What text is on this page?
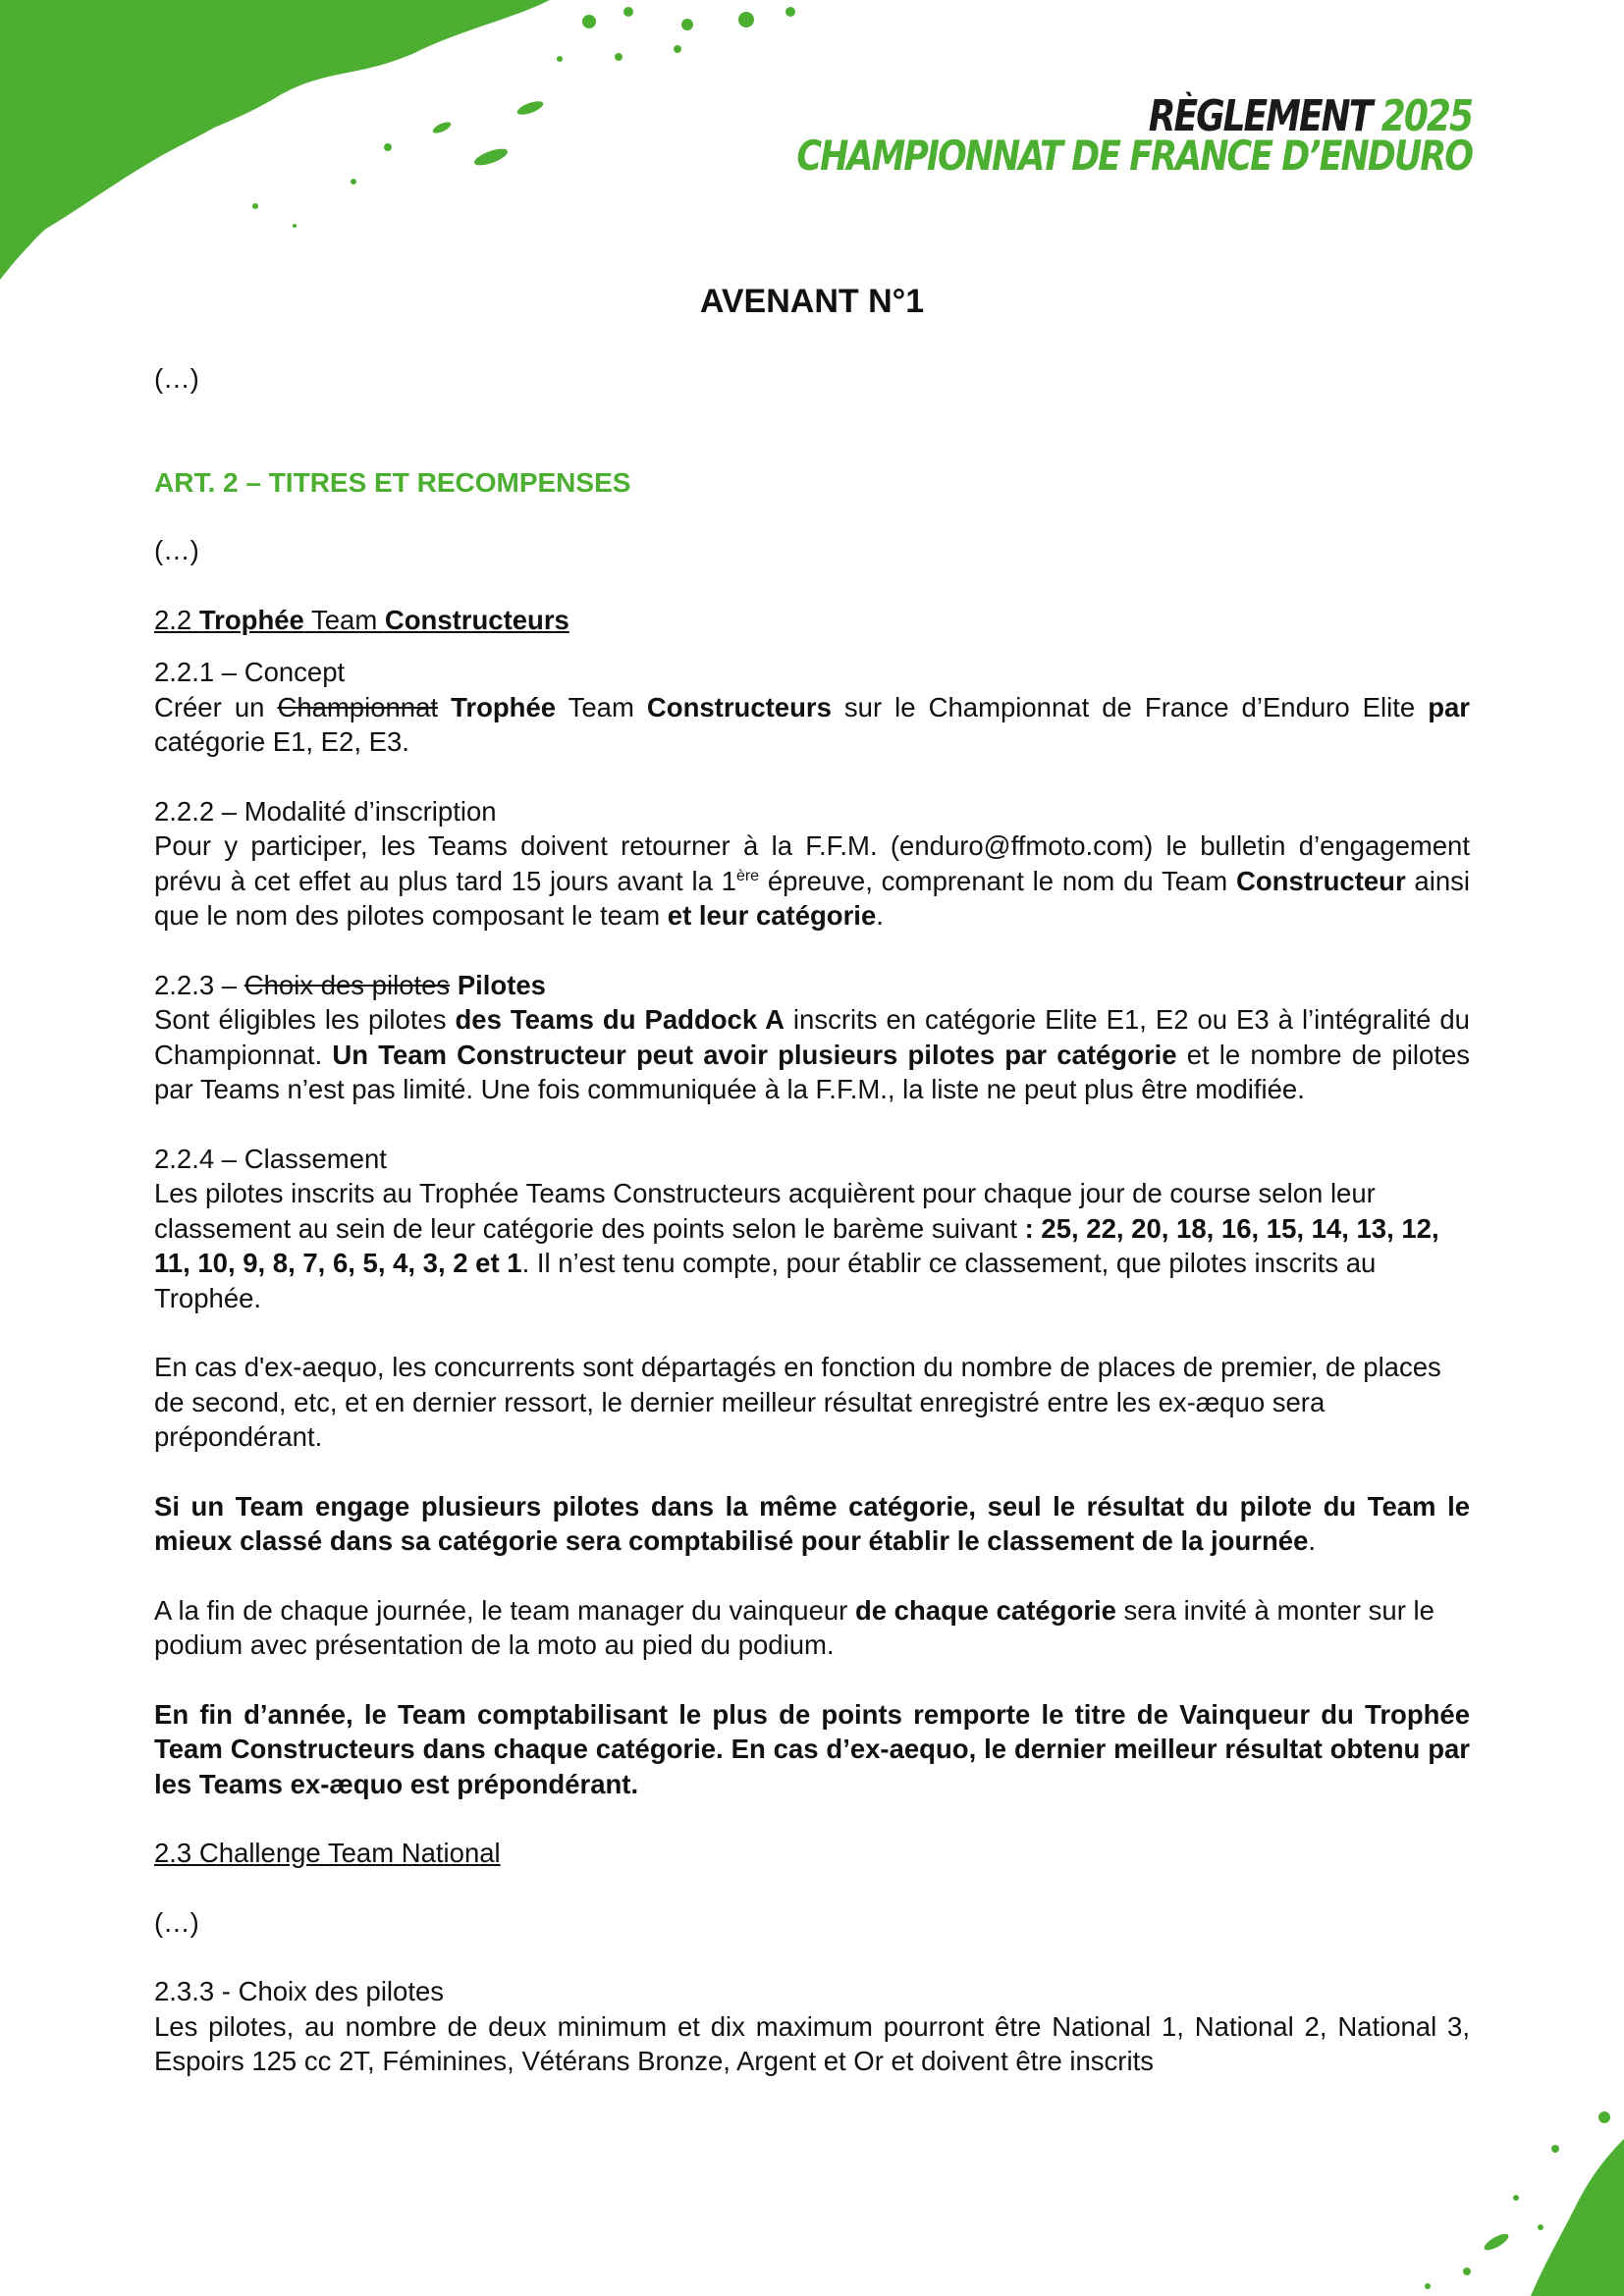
RÈGLEMENT 2025
CHAMPIONNAT DE FRANCE D’ENDURO
AVENANT N°1

(…)

ART. 2 – TITRES ET RECOMPENSES

(…)

2.2 Trophée Team Constructeurs

2.2.1 – Concept

Créer un Championnat Trophée Team Constructeurs sur le Championnat de France d’Enduro Elite par catégorie E1, E2, E3.

2.2.2 – Modalité d’inscription

Pour y participer, les Teams doivent retourner à la F.F.M. (enduro@ffmoto.com) le bulletin d’engagement prévu à cet effet au plus tard 15 jours avant la 1ère épreuve, comprenant le nom du Team Constructeur ainsi que le nom des pilotes composant le team et leur catégorie.

2.2.3 – Choix des pilotes Pilotes

Sont éligibles les pilotes des Teams du Paddock A inscrits en catégorie Elite E1, E2 ou E3 à l’intégralité du Championnat. Un Team Constructeur peut avoir plusieurs pilotes par catégorie et le nombre de pilotes par Teams n’est pas limité. Une fois communiquée à la F.F.M., la liste ne peut plus être modifiée.

2.2.4 – Classement

Les pilotes inscrits au Trophée Teams Constructeurs acquièrent pour chaque jour de course selon leur classement au sein de leur catégorie des points selon le barème suivant : 25, 22, 20, 18, 16, 15, 14, 13, 12, 11, 10, 9, 8, 7, 6, 5, 4, 3, 2 et 1. Il n’est tenu compte, pour établir ce classement, que pilotes inscrits au Trophée.

En cas d'ex-aequo, les concurrents sont départagés en fonction du nombre de places de premier, de places de second, etc, et en dernier ressort, le dernier meilleur résultat enregistré entre les ex-æquo sera prépondérant.

Si un Team engage plusieurs pilotes dans la même catégorie, seul le résultat du pilote du Team le mieux classé dans sa catégorie sera comptabilisé pour établir le classement de la journée.

A la fin de chaque journée, le team manager du vainqueur de chaque catégorie sera invité à monter sur le podium avec présentation de la moto au pied du podium.

En fin d’année, le Team comptabilisant le plus de points remporte le titre de Vainqueur du Trophée Team Constructeurs dans chaque catégorie. En cas d’ex-aequo, le dernier meilleur résultat obtenu par les Teams ex-æquo est prépondérant.

2.3 Challenge Team National

(…)

2.3.3 - Choix des pilotes

Les pilotes, au nombre de deux minimum et dix maximum pourront être National 1, National 2, National 3, Espoirs 125 cc 2T, Féminines, Vétérans Bronze, Argent et Or et doivent être inscrits
